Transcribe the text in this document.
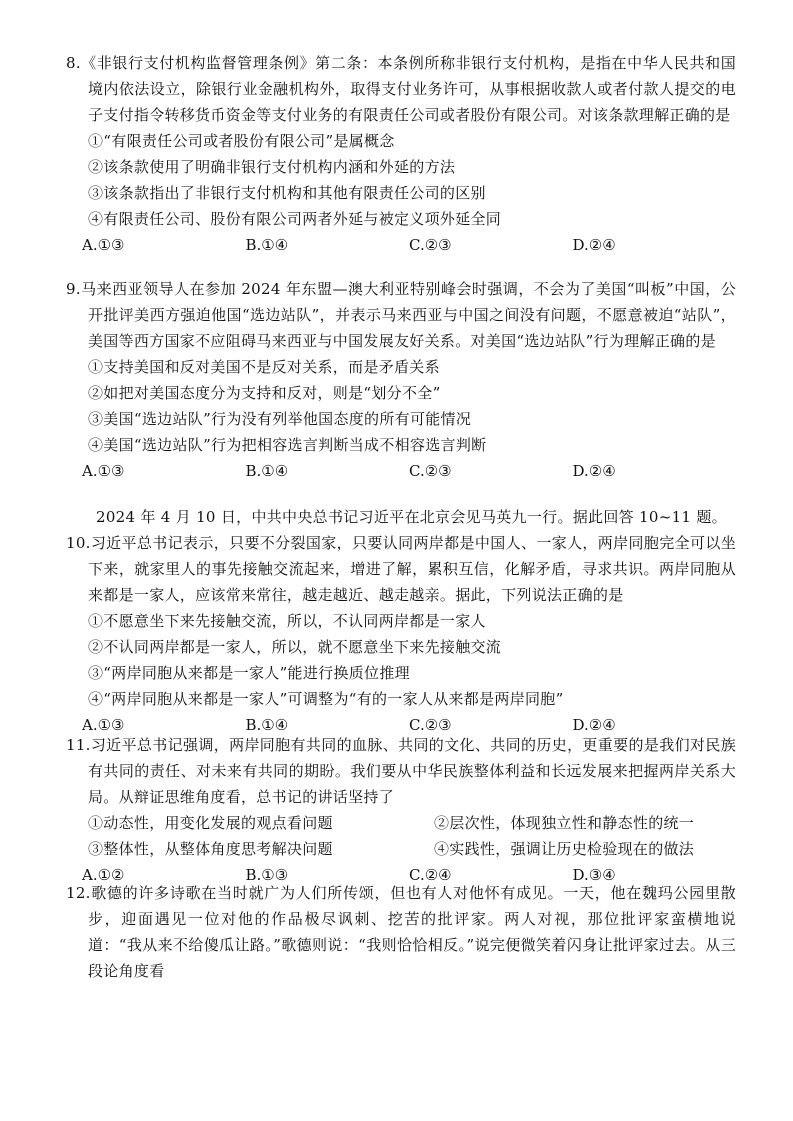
8.《非银行支付机构监督管理条例》第二条：本条例所称非银行支付机构，是指在中华人民共和国境内依法设立，除银行业金融机构外，取得支付业务许可，从事根据收款人或者付款人提交的电子支付指令转移货币资金等支付业务的有限责任公司或者股份有限公司。对该条款理解正确的是

①“有限责任公司或者股份有限公司”是属概念

②该条款使用了明确非银行支付机构内涵和外延的方法

③该条款指出了非银行支付机构和其他有限责任公司的区别

④有限责任公司、股份有限公司两者外延与被定义项外延全同

A.①③	B.①④	C.②③	D.②④

9.马来西亚领导人在参加 2024 年东盟—澳大利亚特别峰会时强调，不会为了美国“叫板”中国，公开批评美西方强迫他国“选边站队”，并表示马来西亚与中国之间没有问题，不愿意被迫“站队”，美国等西方国家不应阻碍马来西亚与中国发展友好关系。对美国“选边站队”行为理解正确的是

①支持美国和反对美国不是反对关系，而是矛盾关系

②如把对美国态度分为支持和反对，则是“划分不全”

③美国“选边站队”行为没有列举他国态度的所有可能情况

④美国“选边站队”行为把相容选言判断当成不相容选言判断

A.①③	B.①④	C.②③	D.②④
2024 年 4 月 10 日，中共中央总书记习近平在北京会见马英九一行。据此回答 10~11 题。

10.习近平总书记表示，只要不分裂国家，只要认同两岸都是中国人、一家人，两岸同胞完全可以坐下来，就家里人的事先接触交流起来，增进了解，累积互信，化解矛盾，寻求共识。两岸同胞从来都是一家人，应该常来常往，越走越近、越走越亲。据此，下列说法正确的是

①不愿意坐下来先接触交流，所以，不认同两岸都是一家人

②不认同两岸都是一家人，所以，就不愿意坐下来先接触交流

③“两岸同胞从来都是一家人”能进行换质位推理

④“两岸同胞从来都是一家人”可调整为“有的一家人从来都是两岸同胞”

A.①③	B.①④	C.②③	D.②④

11.习近平总书记强调，两岸同胞有共同的血脉、共同的文化、共同的历史，更重要的是我们对民族有共同的责任、对未来有共同的期盼。我们要从中华民族整体利益和长远发展来把握两岸关系大局。从辩证思维角度看，总书记的讲话坚持了

①动态性，用变化发展的观点看问题	②层次性，体现独立性和静态性的统一
③整体性，从整体角度思考解决问题	④实践性，强调让历史检验现在的做法
A.①②	B.①③	C.②④	D.③④

12.歌德的许多诗歌在当时就广为人们所传颂，但也有人对他怀有成见。一天，他在魏玛公园里散步，迎面遇见一位对他的作品极尽讽刺、挖苦的批评家。两人对视，那位批评家蛮横地说道：“我从来不给傻瓜让路。”歌德则说：“我则恰恰相反。”说完便微笑着闪身让批评家过去。从三段论角度看
